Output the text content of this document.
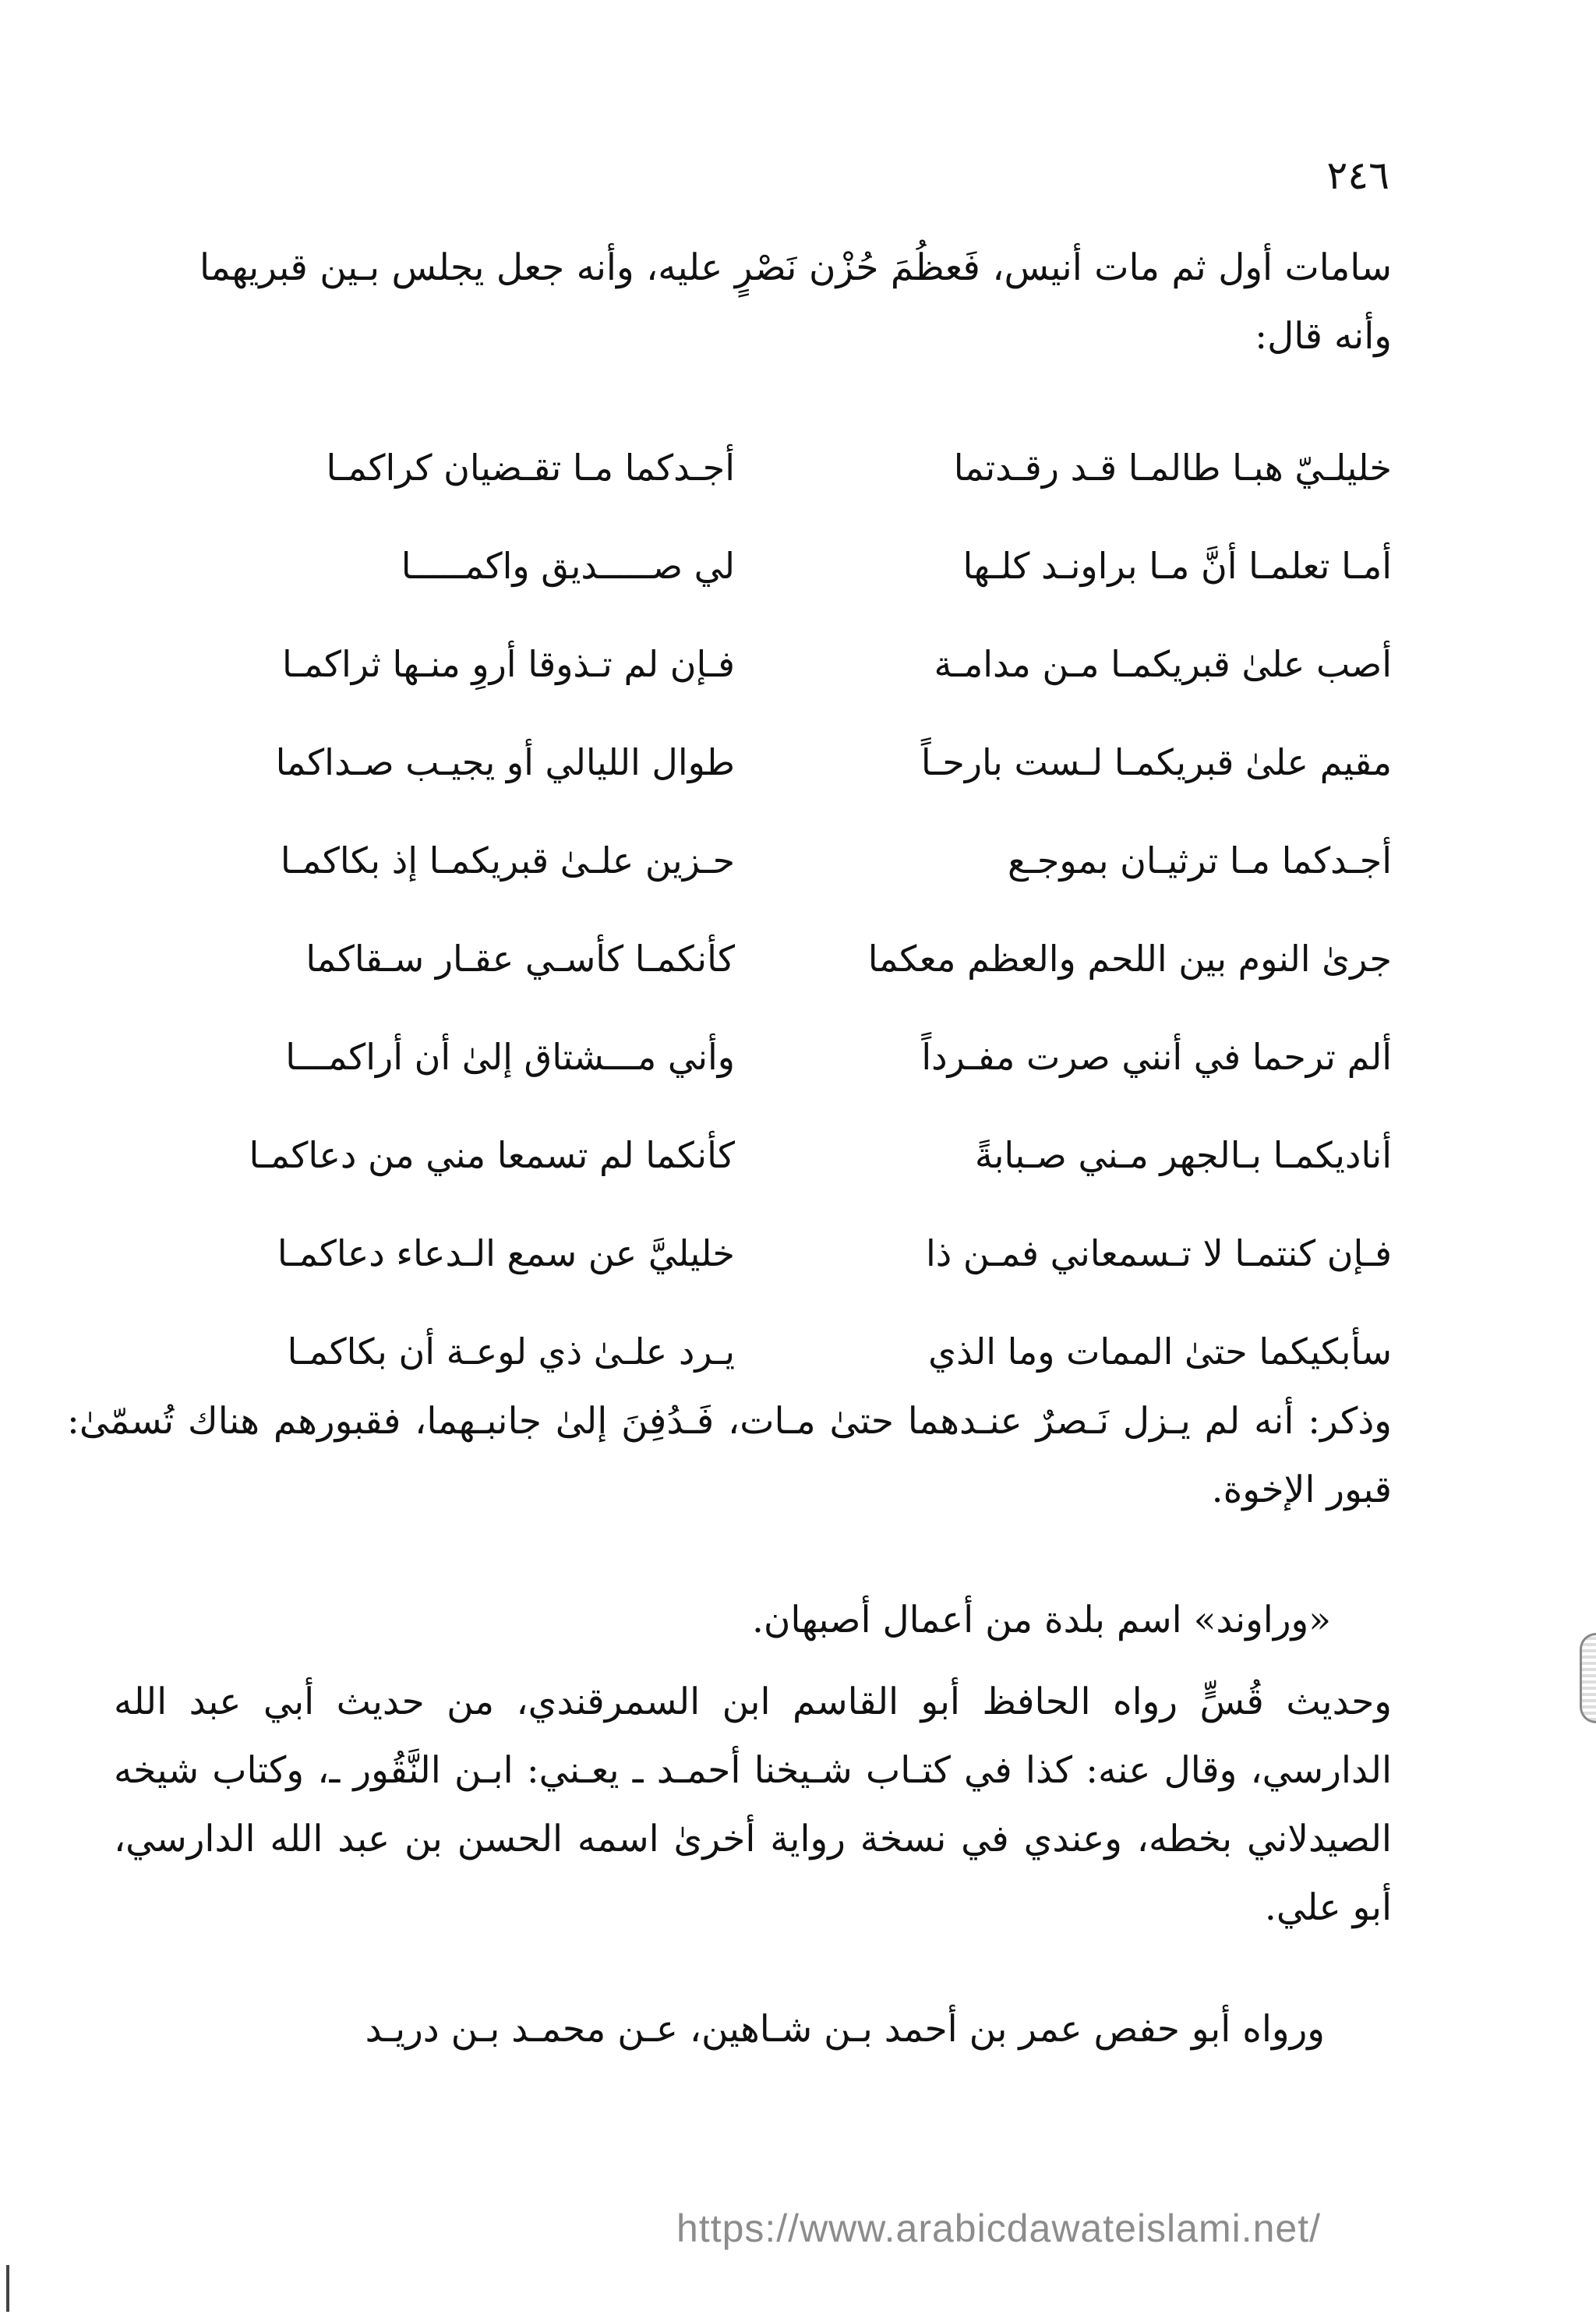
٢٤٦

سامات أول ثم مات أنيس، فَعظُمَ حُزْن نَصْرٍ عليه، وأنه جعل يجلس بـين قبريهما وأنه قال:

خليلـيّ هبـا طالمـا قـد رقـدتما
أجـدكما مـا تقـضيان كراكمـا
أمـا تعلمـا أنَّ مـا براونـد كلـها
لي صـــــديق واكمـــــا
أصب علىٰ قبريكمـا مـن مدامـة
فـإن لم تـذوقا أروِ منـها ثراكمـا
مقيم علىٰ قبريكمـا لـست بارحـاً
طوال الليالي أو يجيـب صـداكما
أجـدكما مـا ترثيـان بموجـع
حـزين علـىٰ قبريكمـا إذ بكاكمـا
جرىٰ النوم بين اللحم والعظم معكما
كأنكمـا كأسـي عقـار سـقاكما
ألم ترحما في أنني صرت مفـرداً
وأني مـــشتاق إلىٰ أن أراكمـــا
أناديكمـا بـالجهر مـني صـبابةً
كأنكما لم تسمعا مني من دعاكمـا
فـإن كنتمـا لا تـسمعاني فمـن ذا
خليليَّ عن سمع الـدعاء دعاكمـا
سأبكيكما حتىٰ الممات وما الذي
يـرد علـىٰ ذي لوعـة أن بكاكمـا

وذكر: أنه لم يـزل نَـصرٌ عنـدهما حتىٰ مـات، فَـدُفِنَ إلىٰ جانبـهما، فقبورهم هناك تُسمّىٰ: قبور الإخوة.

«وراوند» اسم بلدة من أعمال أصبهان.

وحديث قُسٍّ رواه الحافظ أبو القاسم ابن السمرقندي، من حديث أبي عبد الله الدارسي، وقال عنه: كذا في كتـاب شـيخنا أحمـد ـ يعـني: ابـن النَّقُور ـ، وكتاب شيخه الصيدلاني بخطه، وعندي في نسخة رواية أخرىٰ اسمه الحسن بن عبد الله الدارسي، أبو علي.

ورواه أبو حفص عمر بن أحمد بـن شـاهين، عـن محمـد بـن دريـد

https://www.arabicdawateislami.net/
